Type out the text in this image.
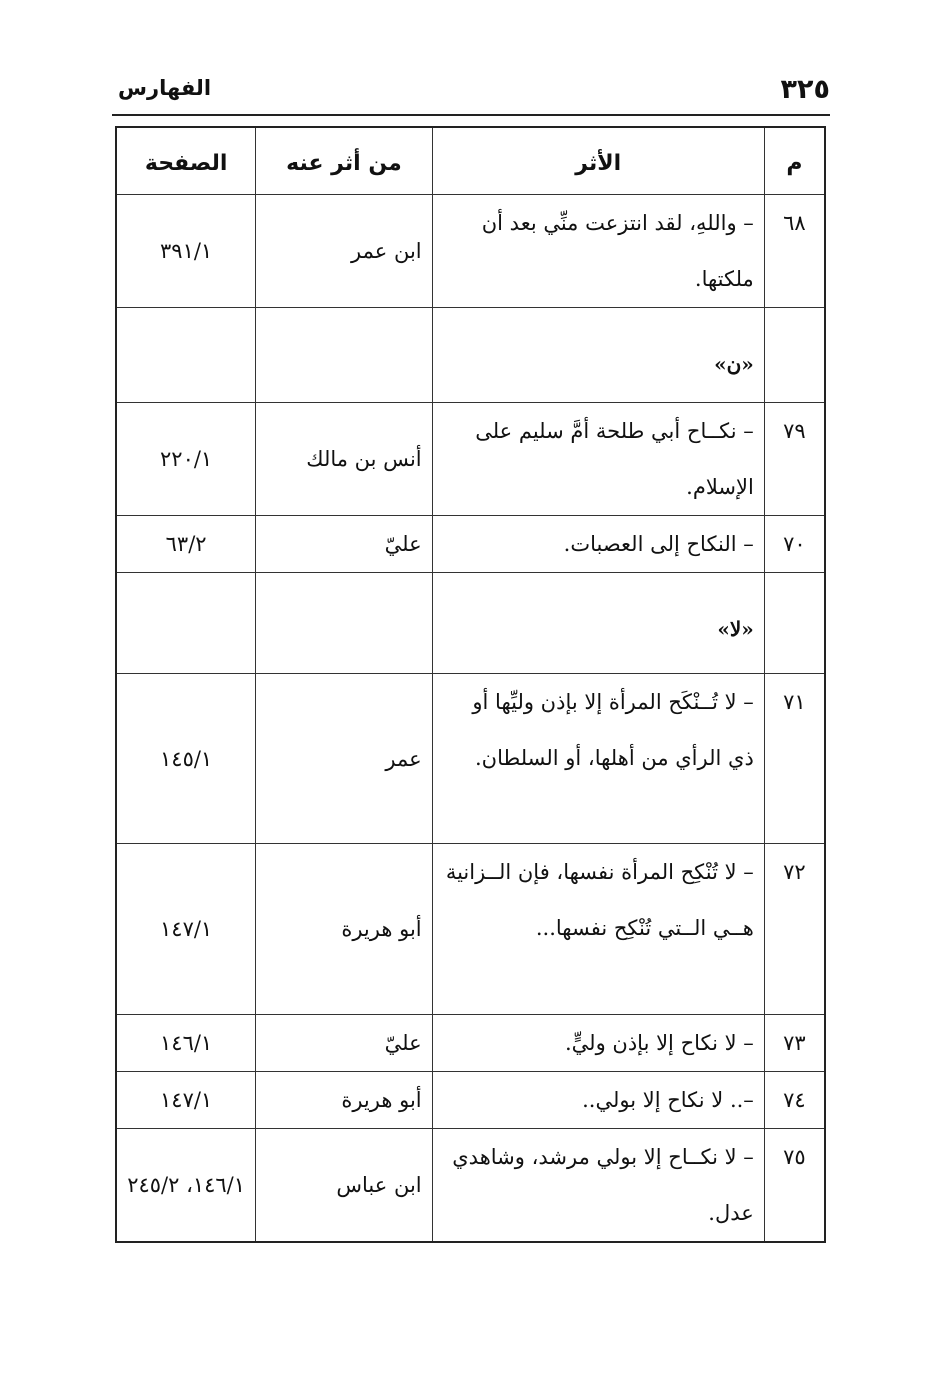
الفهارس	٣٢٥
م	الأثر	من أثر عنه	الصفحة
٦٨	– واللهِ، لقد انتزعت منِّي بعد أن ملكتها.	ابن عمر	٣٩١/١

	«ن»		

٧٩	– نكــاح أبي طلحة أمَّ سليم على الإسلام.	أنس بن مالك	٢٢٠/١
٧٠	– النكاح إلى العصبات.	عليّ	٦٣/٢

	«لا»		

٧١	– لا تُــنْكَح المرأة إلا بإذن وليِّها أو ذي الرأي من أهلها، أو السلطان.	عمر	١٤٥/١
٧٢	– لا تُنْكِح المرأة نفسها، فإن الــزانية هــي الــتي تُنْكِح نفسها...	أبو هريرة	١٤٧/١
٧٣	– لا نكاح إلا بإذن وليٍّ.	عليّ	١٤٦/١
٧٤	–.. لا نكاح إلا بولي..	أبو هريرة	١٤٧/١
٧٥	– لا نكــاح إلا بولي مرشد، وشاهدي عدل.	ابن عباس	١٤٦/١، ٢٤٥/٢
